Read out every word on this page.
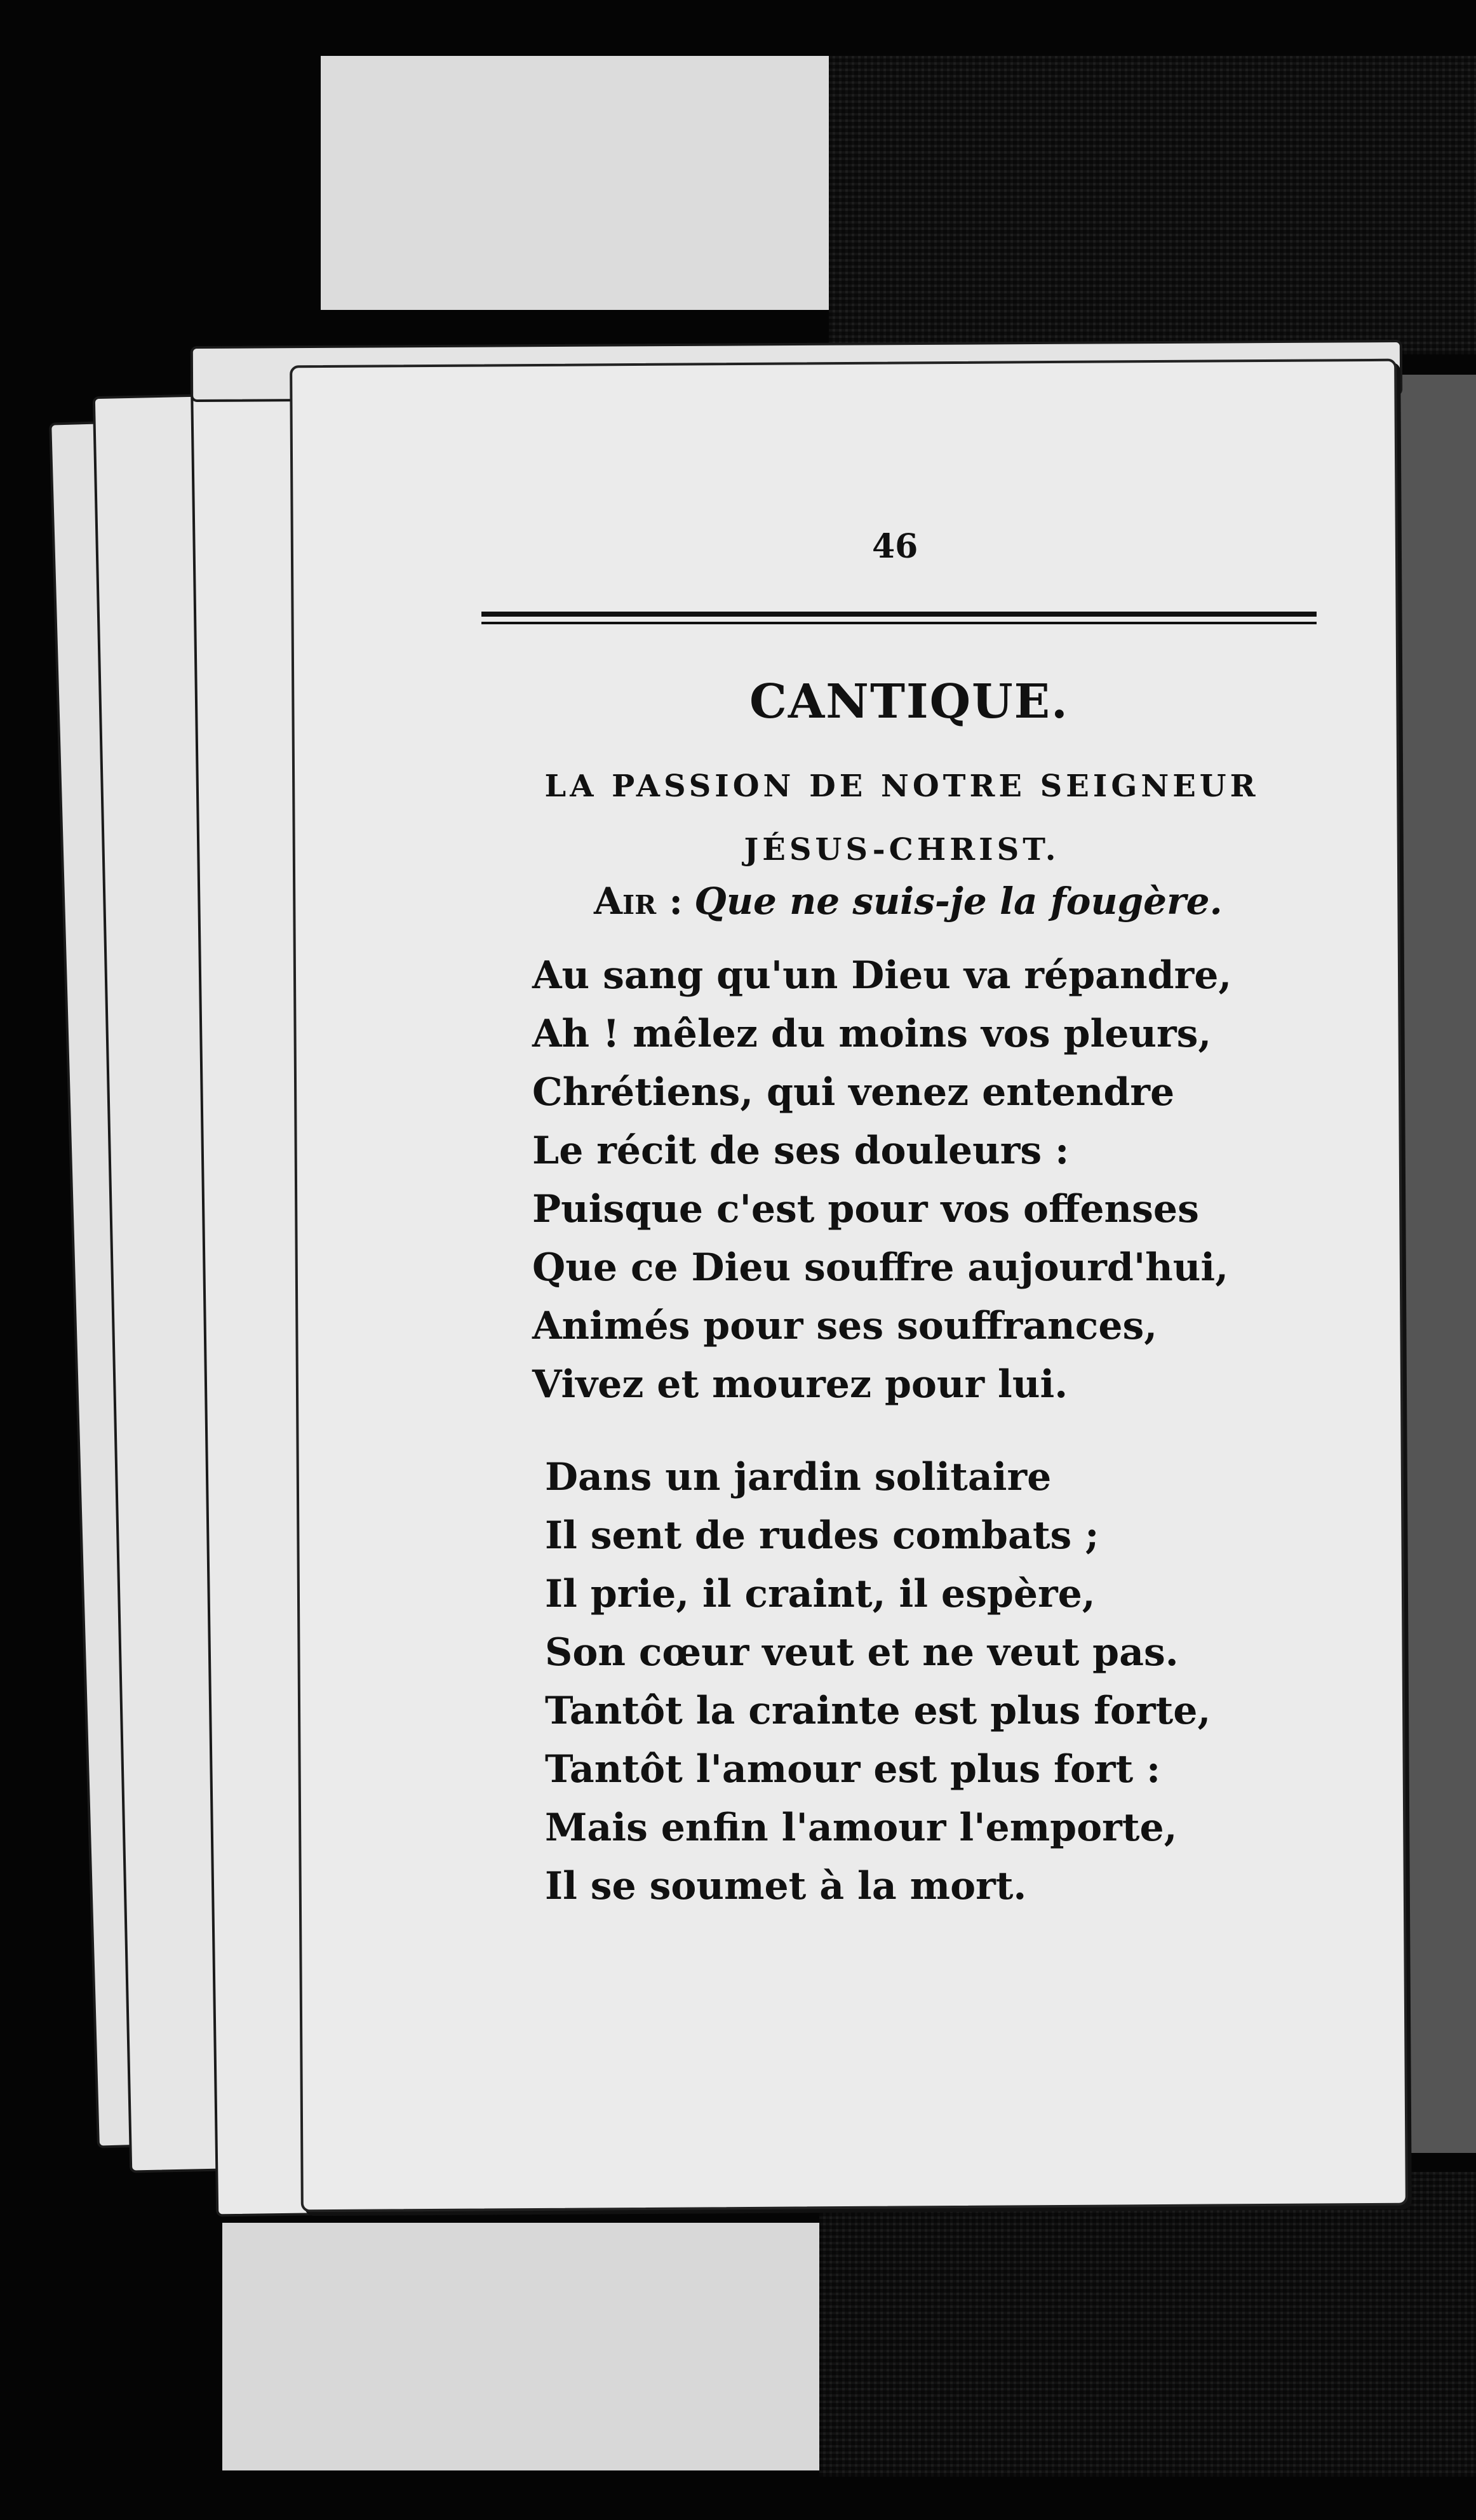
46
CANTIQUE.
LA PASSION DE NOTRE SEIGNEUR JÉSUS-CHRIST.
Air : Que ne suis-je la fougère.
Au sang qu'un Dieu va répandre,
Ah ! mêlez du moins vos pleurs,
Chrétiens, qui venez entendre
Le récit de ses douleurs :
Puisque c'est pour vos offenses
Que ce Dieu souffre aujourd'hui,
Animés pour ses souffrances,
Vivez et mourez pour lui.
Dans un jardin solitaire
Il sent de rudes combats ;
Il prie, il craint, il espère,
Son cœur veut et ne veut pas.
Tantôt la crainte est plus forte,
Tantôt l'amour est plus fort :
Mais enfin l'amour l'emporte,
Il se soumet à la mort.
